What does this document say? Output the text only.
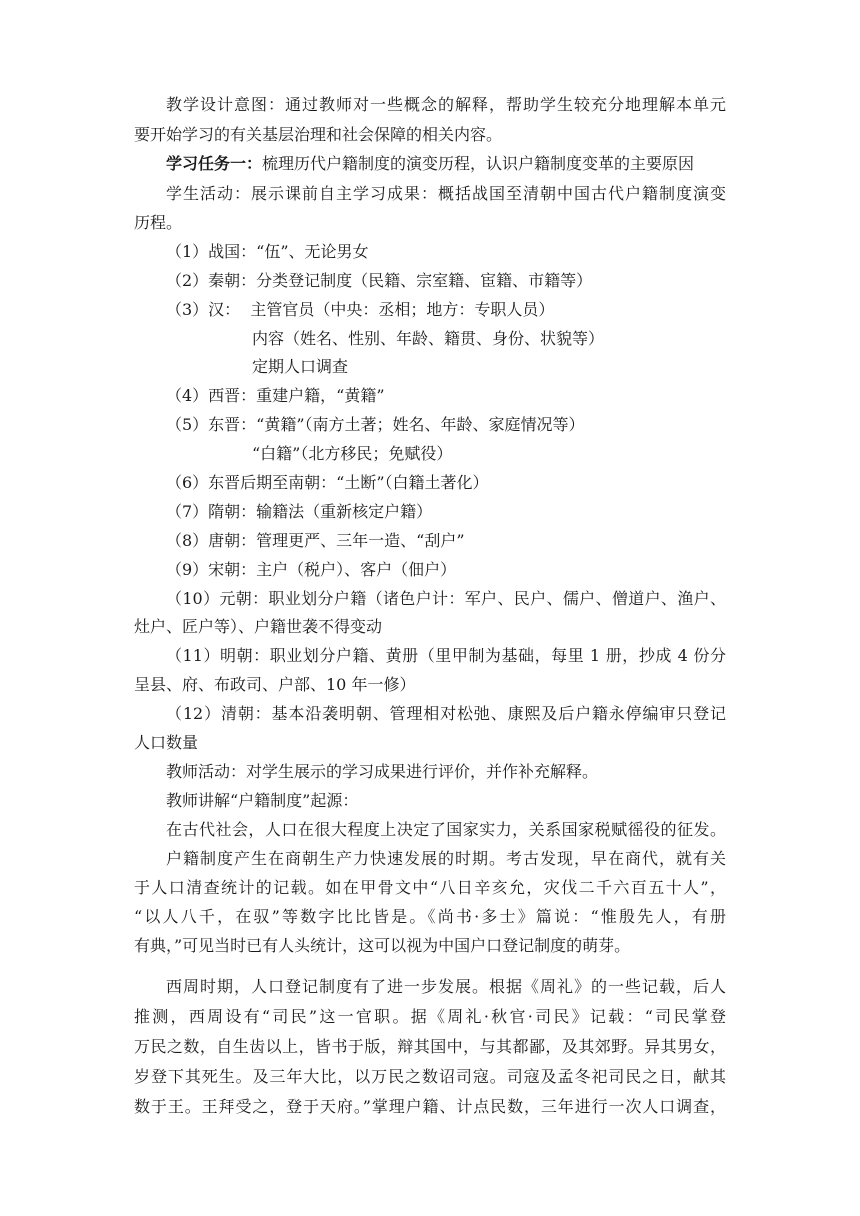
教学设计意图：通过教师对一些概念的解释，帮助学生较充分地理解本单元
要开始学习的有关基层治理和社会保障的相关内容。
学习任务一：梳理历代户籍制度的演变历程，认识户籍制度变革的主要原因
学生活动：展示课前自主学习成果：概括战国至清朝中国古代户籍制度演变
历程。
（1）战国：“伍”、无论男女
（2）秦朝：分类登记制度（民籍、宗室籍、宦籍、市籍等）
（3）汉：  主管官员（中央：丞相；地方：专职人员）
内容（姓名、性别、年龄、籍贯、身份、状貌等）
定期人口调查
（4）西晋：重建户籍，“黄籍”
（5）东晋：“黄籍”（南方土著；姓名、年龄、家庭情况等）
“白籍”（北方移民；免赋役）
（6）东晋后期至南朝：“土断”（白籍土著化）
（7）隋朝：输籍法（重新核定户籍）
（8）唐朝：管理更严、三年一造、“刮户”
（9）宋朝：主户（税户）、客户（佃户）
（10）元朝：职业划分户籍（诸色户计：军户、民户、儒户、僧道户、渔户、
灶户、匠户等）、户籍世袭不得变动
（11）明朝：职业划分户籍、黄册（里甲制为基础，每里 1 册，抄成 4 份分
呈县、府、布政司、户部、10 年一修）
（12）清朝：基本沿袭明朝、管理相对松弛、康熙及后户籍永停编审只登记
人口数量
教师活动：对学生展示的学习成果进行评价，并作补充解释。
教师讲解“户籍制度”起源：
在古代社会，人口在很大程度上决定了国家实力，关系国家税赋徭役的征发。
户籍制度产生在商朝生产力快速发展的时期。考古发现，早在商代，就有关
于人口清查统计的记载。如在甲骨文中“八日辛亥允，灾伐二千六百五十人”，
“以人八千，在驭”等数字比比皆是。《尚书·多士》篇说：“惟殷先人，有册
有典，”可见当时已有人头统计，这可以视为中国户口登记制度的萌芽。
西周时期，人口登记制度有了进一步发展。根据《周礼》的一些记载，后人
推测，西周设有“司民”这一官职。据《周礼·秋官·司民》记载：“司民掌登
万民之数，自生齿以上，皆书于版，辩其国中，与其都鄙，及其郊野。异其男女，
岁登下其死生。及三年大比，以万民之数诏司寇。司寇及孟冬祀司民之日，献其
数于王。王拜受之，登于天府。”掌理户籍、计点民数，三年进行一次人口调查，
